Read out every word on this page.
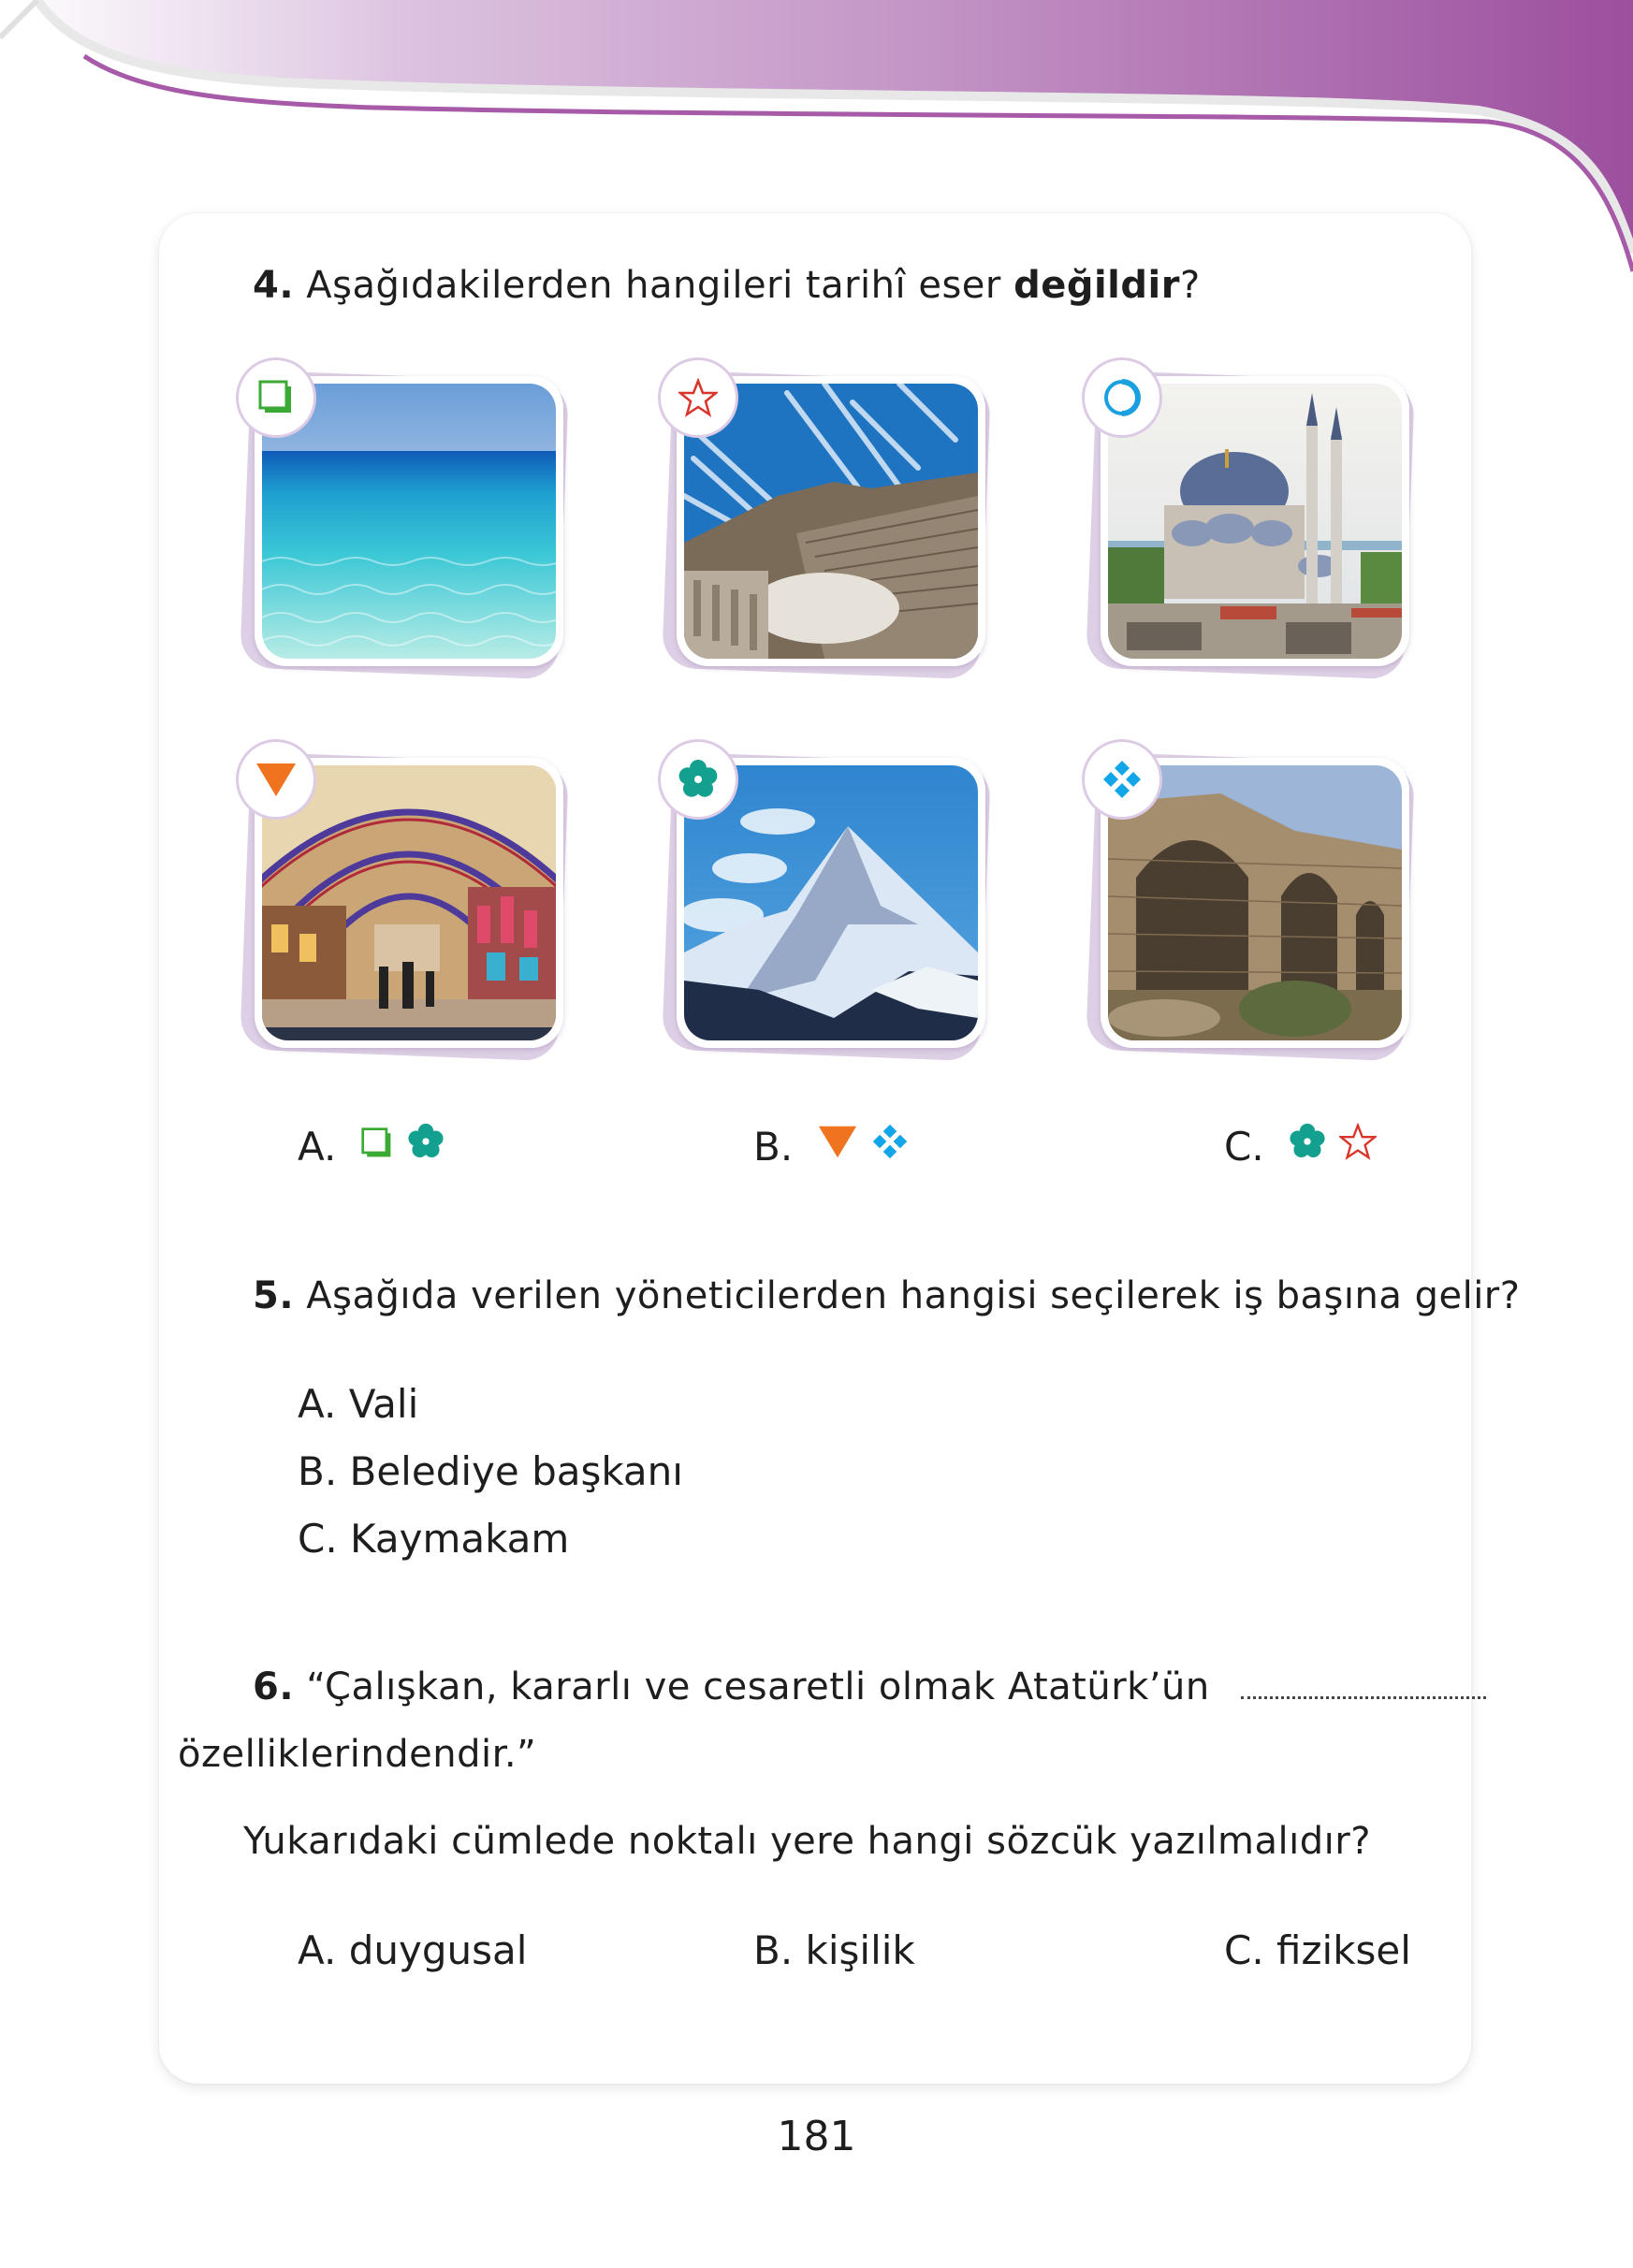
4. Aşağıdakilerden hangileri tarihî eser değildir?
A.	B.	C.
5. Aşağıda verilen yöneticilerden hangisi seçilerek iş başına gelir?
A. Vali
B. Belediye başkanı
C. Kaymakam
6. “Çalışkan, kararlı ve cesaretli olmak Atatürk’ün
özelliklerindendir.”
Yukarıdaki cümlede noktalı yere hangi sözcük yazılmalıdır?
A. duygusal	B. kişilik	C. fiziksel
181
